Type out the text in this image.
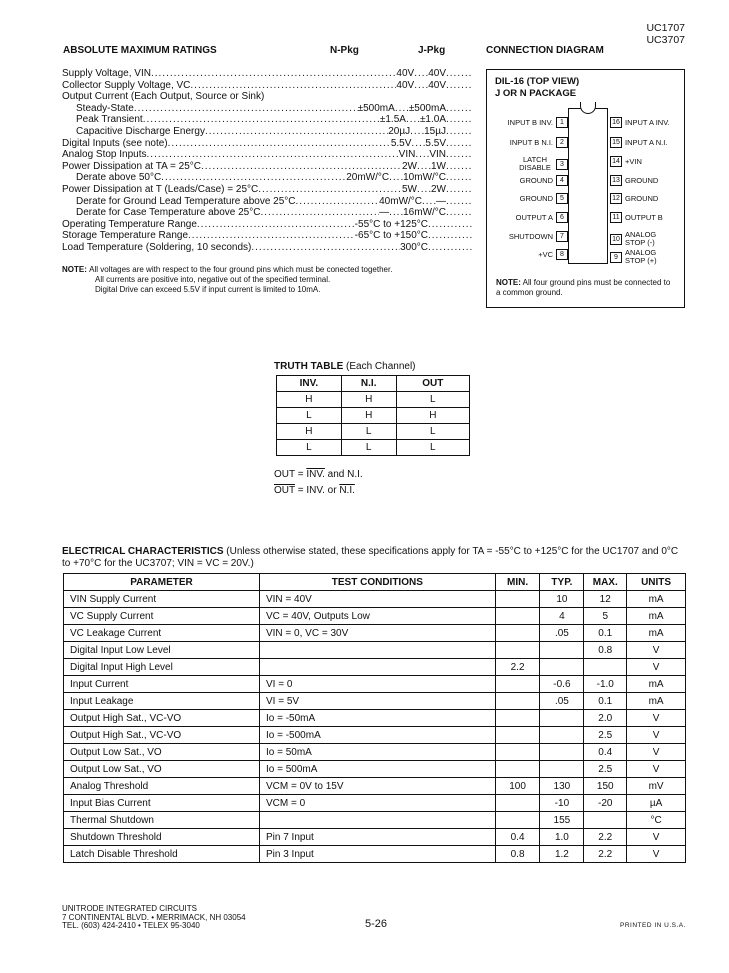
UC1707
UC3707
ABSOLUTE MAXIMUM RATINGS	N-Pkg	J-Pkg	CONNECTION DIAGRAM
Supply Voltage, VIN .....	40V ..... 40V
.....
Collector Supply Voltage, VC .....	40V ..... 40V
.....
Output Current (Each Output, Source or Sink)
Steady-State .....	±500mA ..... ±500mA
.....
Peak Transient .....	±1.5A ..... ±1.0A
.....
Capacitive Discharge Energy .....	20µJ ..... 15µJ
.....
Digital Inputs (see note) .....	5.5V ..... 5.5V
.....
Analog Stop Inputs .....	VIN ..... VIN
.....
Power Dissipation at TA = 25°C .....	2W ..... 1W
.....
Derate above 50°C .....	20mW/°C ..... 10mW/°C
.....
Power Dissipation at T (Leads/Case) = 25°C .....	5W ..... 2W
.....
Derate for Ground Lead Temperature above 25°C .....	40mW/°C ..... —
.....
Derate for Case Temperature above 25°C .....	— ..... 16mW/°C
.....
Operating Temperature Range .....	-55°C to +125°C
.....
Storage Temperature Range .....	-65°C to +150°C
.....
Load Temperature (Soldering, 10 seconds) .....	300°C
.....
NOTE: All voltages are with respect to the four ground pins which must be conected together.
All currents are positive into, negative out of the specified terminal.
Digital Drive can exceed 5.5V if input current is limited to 10mA.
DIL-16 (TOP VIEW)
J OR N PACKAGE
INPUT B INV.	1
INPUT B N.I.	2
LATCH DISABLE	3
GROUND	4
GROUND	5
OUTPUT A	6
SHUTDOWN	7
+VC	8
16 INPUT A INV.
15 INPUT A N.I.
14 +VIN
13 GROUND
12 GROUND
11 OUTPUT B
10 ANALOG STOP (-)
9 ANALOG STOP (+)
NOTE: All four ground pins must be connected to a common ground.
TRUTH TABLE (Each Channel)
INV.	N.I.	OUT
H	H	L
L	H	H
H	L	L
L	L	L
OUT = INV. and N.I.
$\overline{OUT}$ = INV. or N.I.
ELECTRICAL CHARACTERISTICS (Unless otherwise stated, these specifications apply for TA = -55°C to +125°C for the UC1707 and 0°C to +70°C for the UC3707; VIN = VC = 20V.)
PARAMETER	TEST CONDITIONS	MIN.	TYP.	MAX.	UNITS
VIN Supply Current	VIN = 40V		10	12	mA
VC Supply Current	VC = 40V, Outputs Low		4	5	mA
VC Leakage Current	VIN = 0, VC = 30V		.05	0.1	mA
Digital Input Low Level				0.8	V
Digital Input High Level		2.2			V
Input Current	VI = 0		-0.6	-1.0	mA
Input Leakage	VI = 5V		.05	0.1	mA
Output High Sat., VC-VO	Io = -50mA			2.0	V
Output High Sat., VC-VO	Io = -500mA			2.5	V
Output Low Sat., VO	Io = 50mA			0.4	V
Output Low Sat., VO	Io = 500mA			2.5	V
Analog Threshold	VCM = 0V to 15V	100	130	150	mV
Input Bias Current	VCM = 0		-10	-20	µA
Thermal Shutdown			155		°C
Shutdown Threshold	Pin 7 Input	0.4	1.0	2.2	V
Latch Disable Threshold	Pin 3 Input	0.8	1.2	2.2	V
UNITRODE INTEGRATED CIRCUITS
7 CONTINENTAL BLVD. • MERRIMACK, NH 03054
TEL. (603) 424-2410 • TELEX 95-3040	5-26	PRINTED IN U.S.A.
